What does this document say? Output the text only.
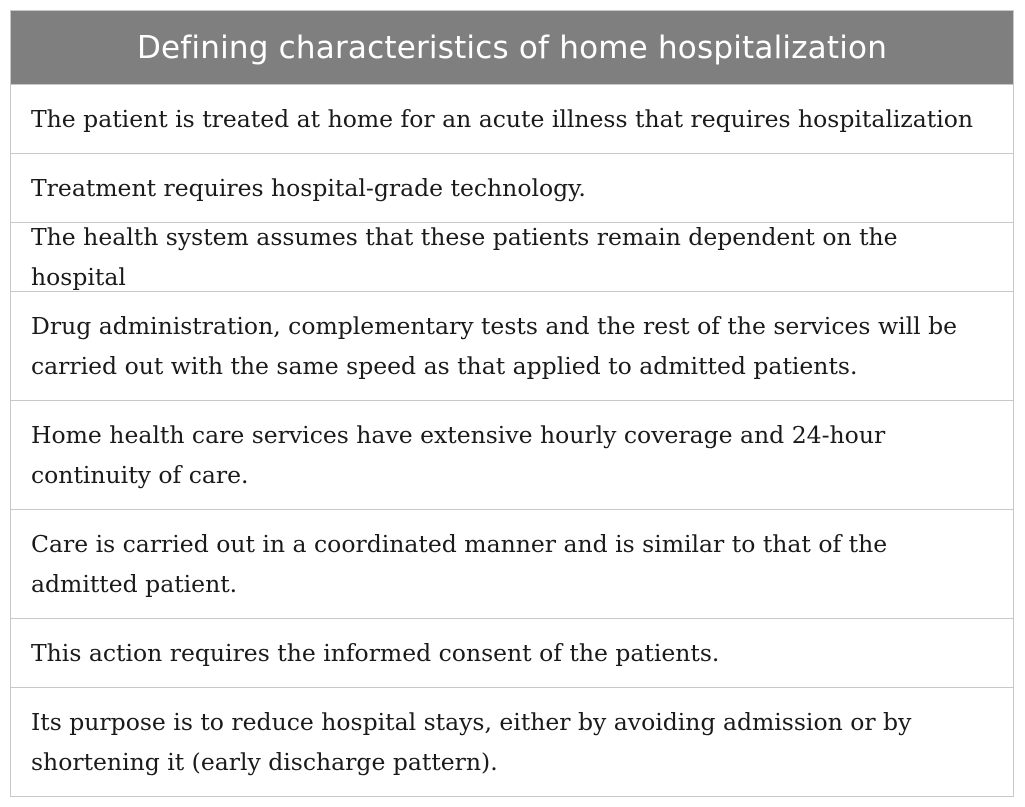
Defining characteristics of home hospitalization
The patient is treated at home for an acute illness that requires hospitalization
Treatment requires hospital-grade technology.
The health system assumes that these patients remain dependent on the hospital
Drug administration, complementary tests and the rest of the services will be carried out with the same speed as that applied to admitted patients.
Home health care services have extensive hourly coverage and 24-hour continuity of care.
Care is carried out in a coordinated manner and is similar to that of the admitted patient.
This action requires the informed consent of the patients.
Its purpose is to reduce hospital stays, either by avoiding admission or by shortening it (early discharge pattern).
